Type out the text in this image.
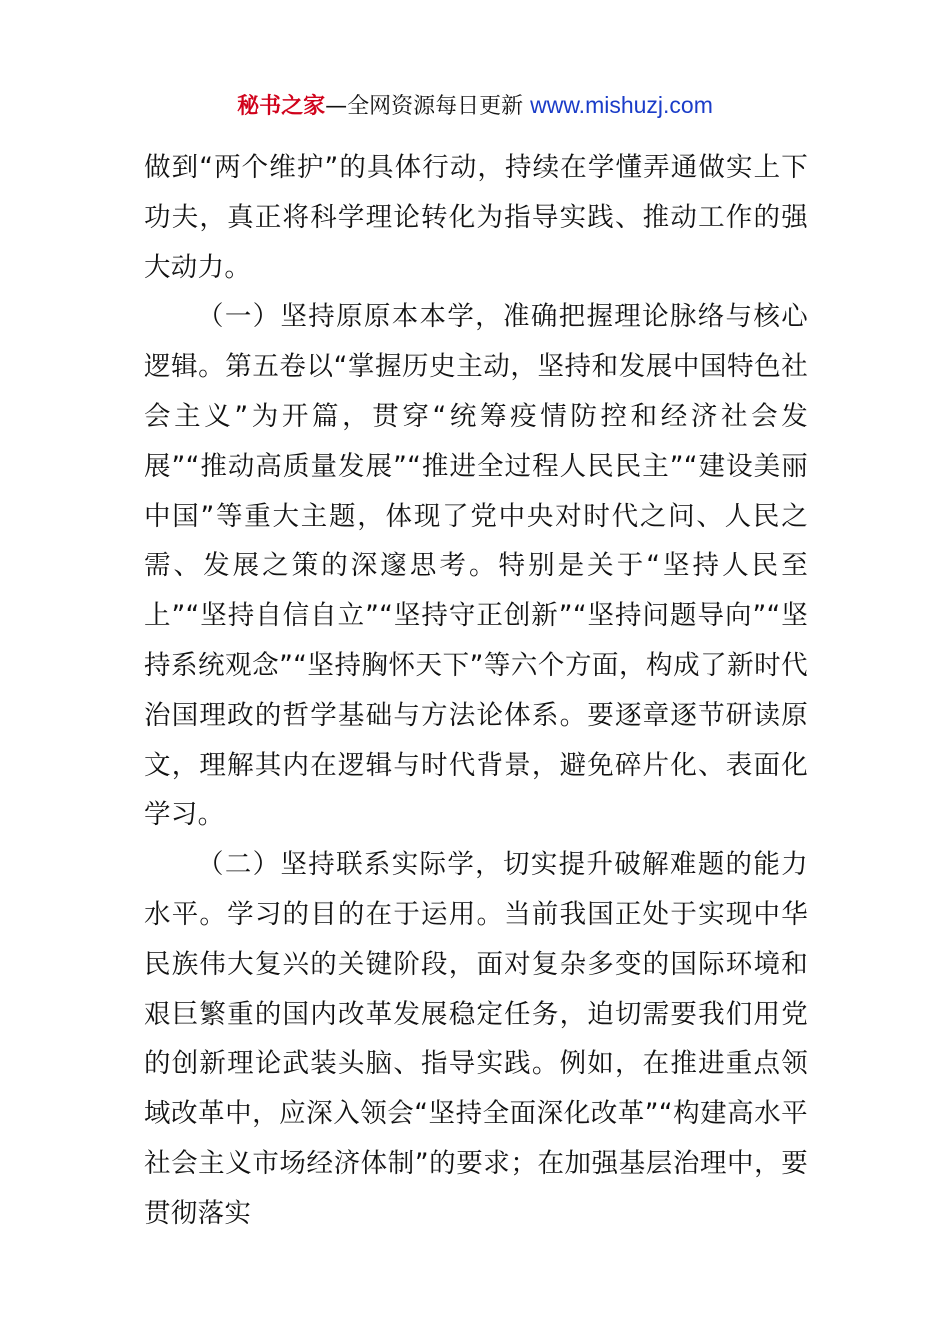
秘书之家—全网资源每日更新 www.mishuzj.com

做到“两个维护”的具体行动，持续在学懂弄通做实上下功夫，真正将科学理论转化为指导实践、推动工作的强大动力。

（一）坚持原原本本学，准确把握理论脉络与核心逻辑。第五卷以“掌握历史主动，坚持和发展中国特色社会主义”为开篇，贯穿“统筹疫情防控和经济社会发展”“推动高质量发展”“推进全过程人民民主”“建设美丽中国”等重大主题，体现了党中央对时代之问、人民之需、发展之策的深邃思考。特别是关于“坚持人民至上”“坚持自信自立”“坚持守正创新”“坚持问题导向”“坚持系统观念”“坚持胸怀天下”等六个方面，构成了新时代治国理政的哲学基础与方法论体系。要逐章逐节研读原文，理解其内在逻辑与时代背景，避免碎片化、表面化学习。

（二）坚持联系实际学，切实提升破解难题的能力水平。学习的目的在于运用。当前我国正处于实现中华民族伟大复兴的关键阶段，面对复杂多变的国际环境和艰巨繁重的国内改革发展稳定任务，迫切需要我们用党的创新理论武装头脑、指导实践。例如，在推进重点领域改革中，应深入领会“坚持全面深化改革”“构建高水平社会主义市场经济体制”的要求；在加强基层治理中，要贯彻落实
